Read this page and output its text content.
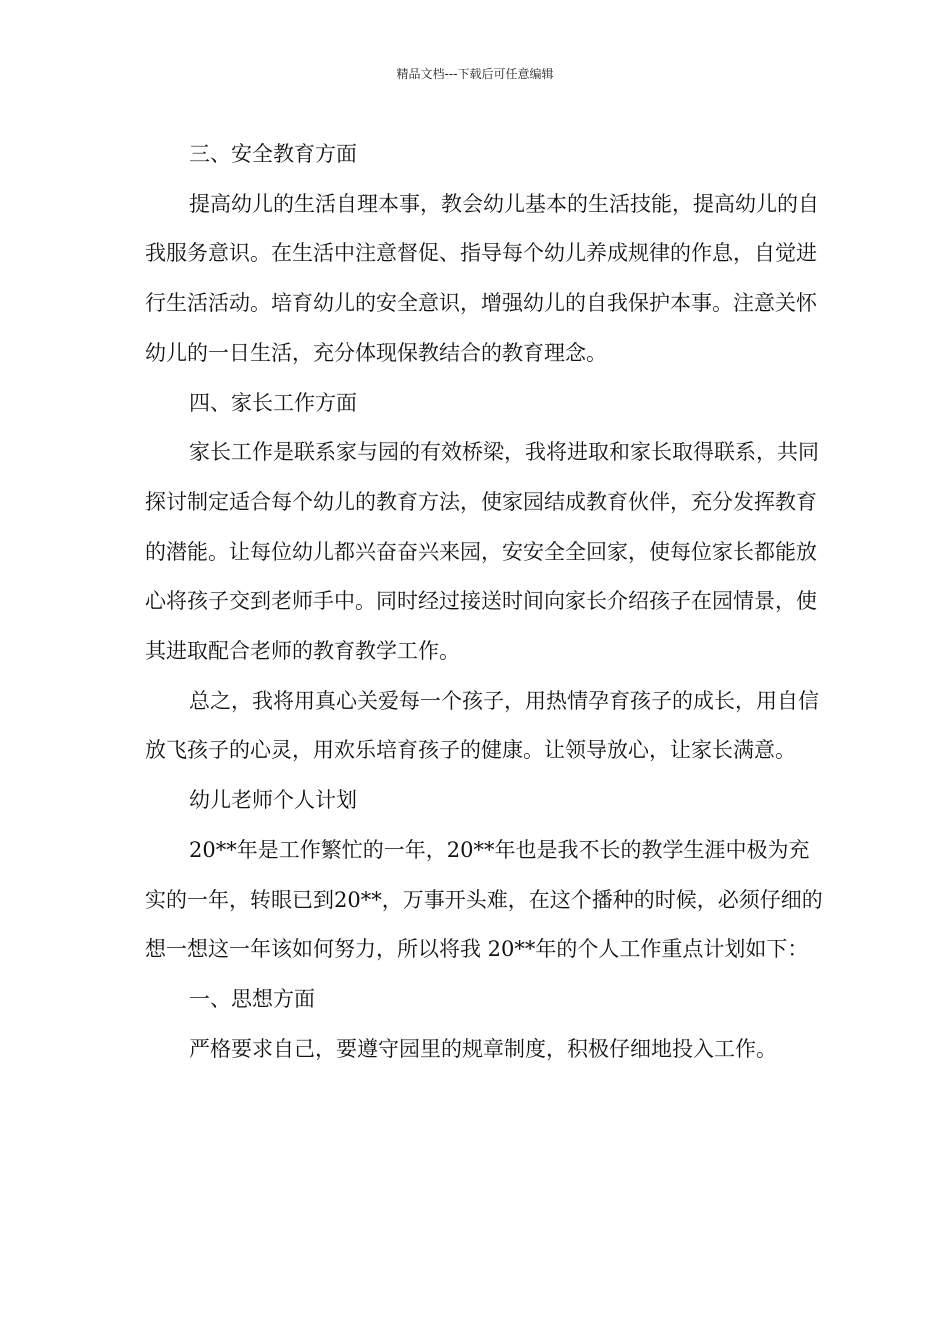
精品文档---下载后可任意编辑

三、安全教育方面

提高幼儿的生活自理本事，教会幼儿基本的生活技能，提高幼儿的自我服务意识。在生活中注意督促、指导每个幼儿养成规律的作息，自觉进行生活活动。培育幼儿的安全意识，增强幼儿的自我保护本事。注意关怀幼儿的一日生活，充分体现保教结合的教育理念。

四、家长工作方面

家长工作是联系家与园的有效桥梁，我将进取和家长取得联系，共同探讨制定适合每个幼儿的教育方法，使家园结成教育伙伴，充分发挥教育的潜能。让每位幼儿都兴奋奋兴来园，安安全全回家，使每位家长都能放心将孩子交到老师手中。同时经过接送时间向家长介绍孩子在园情景，使其进取配合老师的教育教学工作。

总之，我将用真心关爱每一个孩子，用热情孕育孩子的成长，用自信放飞孩子的心灵，用欢乐培育孩子的健康。让领导放心，让家长满意。

幼儿老师个人计划

20**年是工作繁忙的一年，20**年也是我不长的教学生涯中极为充实的一年，转眼已到20**，万事开头难，在这个播种的时候，必须仔细的想一想这一年该如何努力，所以将我 20**年的个人工作重点计划如下：

一、思想方面

严格要求自己，要遵守园里的规章制度，积极仔细地投入工作。
